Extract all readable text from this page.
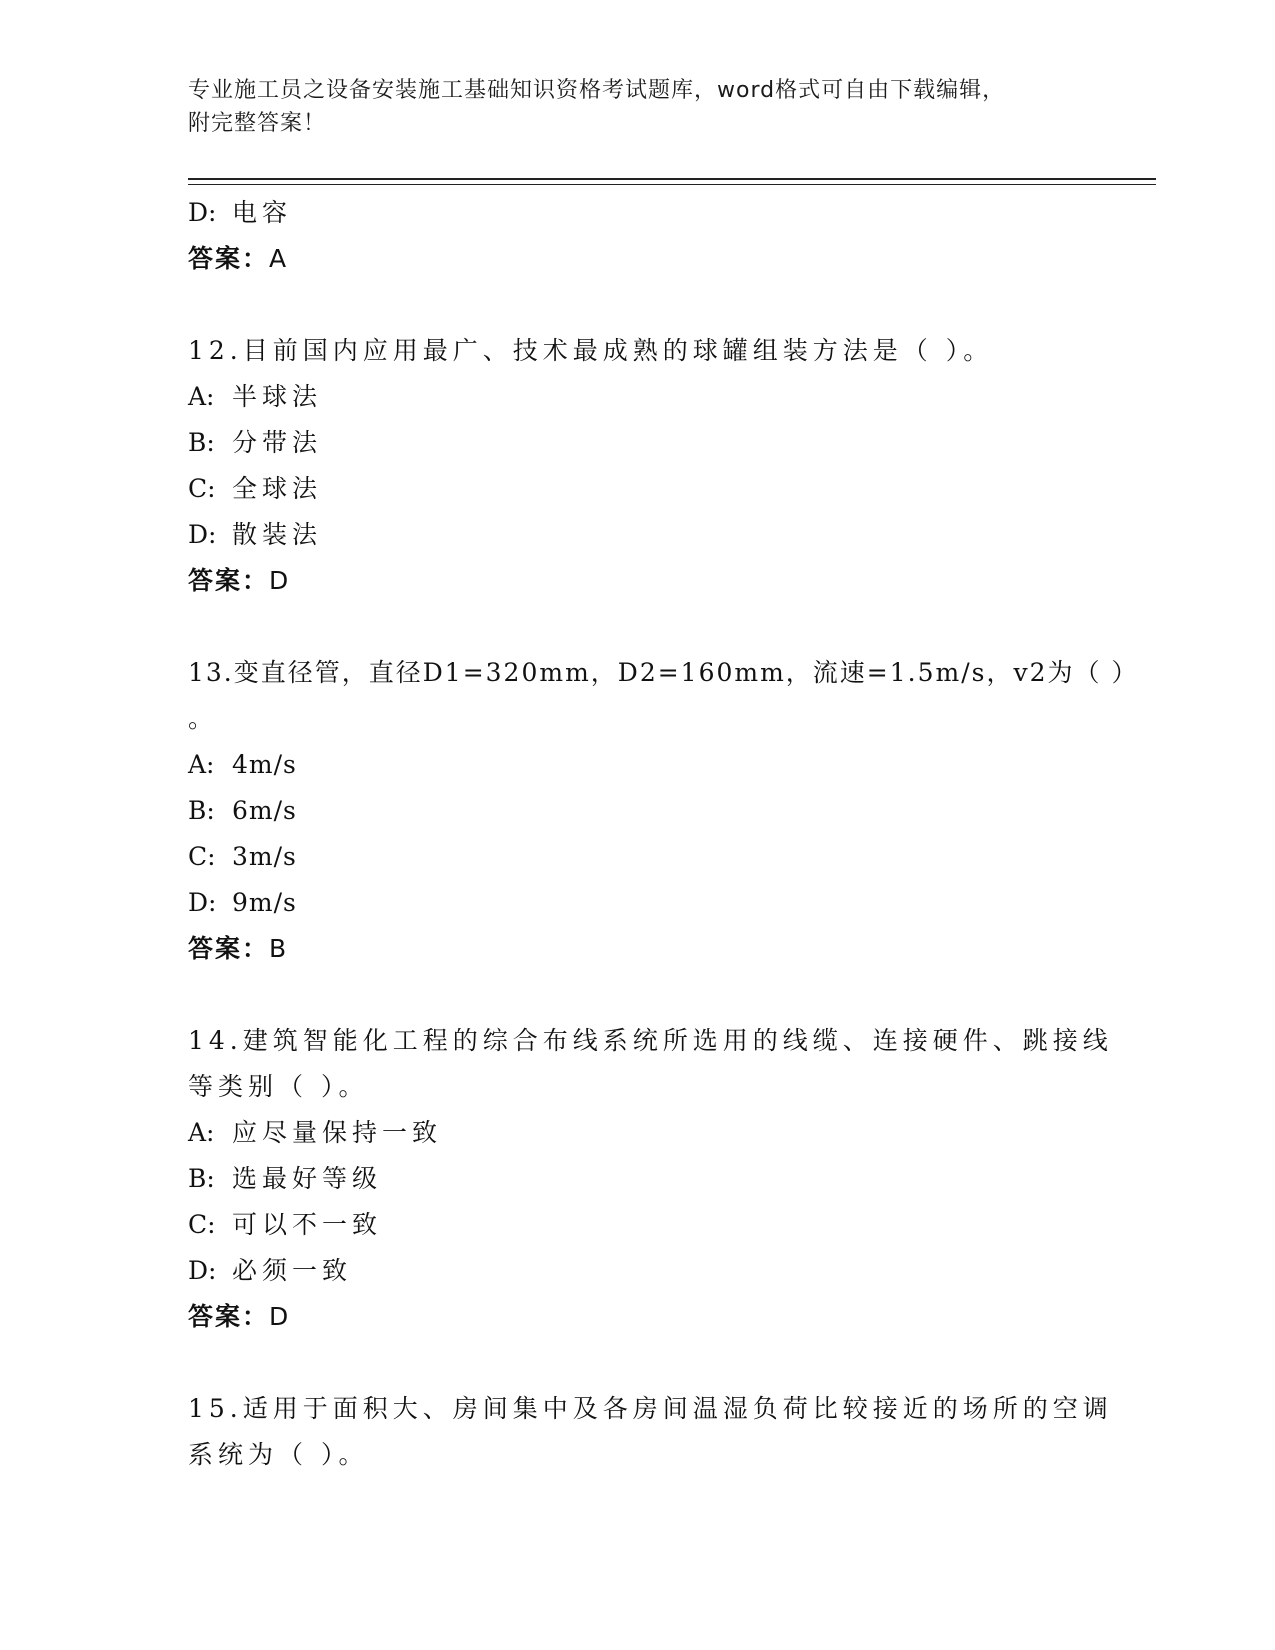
专业施工员之设备安装施工基础知识资格考试题库，word格式可自由下载编辑，
附完整答案！
D: 电容
答案：A
12.目前国内应用最广、技术最成熟的球罐组装方法是（ ）。
A: 半球法
B: 分带法
C: 全球法
D: 散装法
答案：D
13.变直径管，直径D1=320mm，D2=160mm，流速=1.5m/s，v2为（ ）
。
A: 4m/s
B: 6m/s
C: 3m/s
D: 9m/s
答案：B
14.建筑智能化工程的综合布线系统所选用的线缆、连接硬件、跳接线
等类别（ ）。
A: 应尽量保持一致
B: 选最好等级
C: 可以不一致
D: 必须一致
答案：D
15.适用于面积大、房间集中及各房间温湿负荷比较接近的场所的空调
系统为（ ）。
